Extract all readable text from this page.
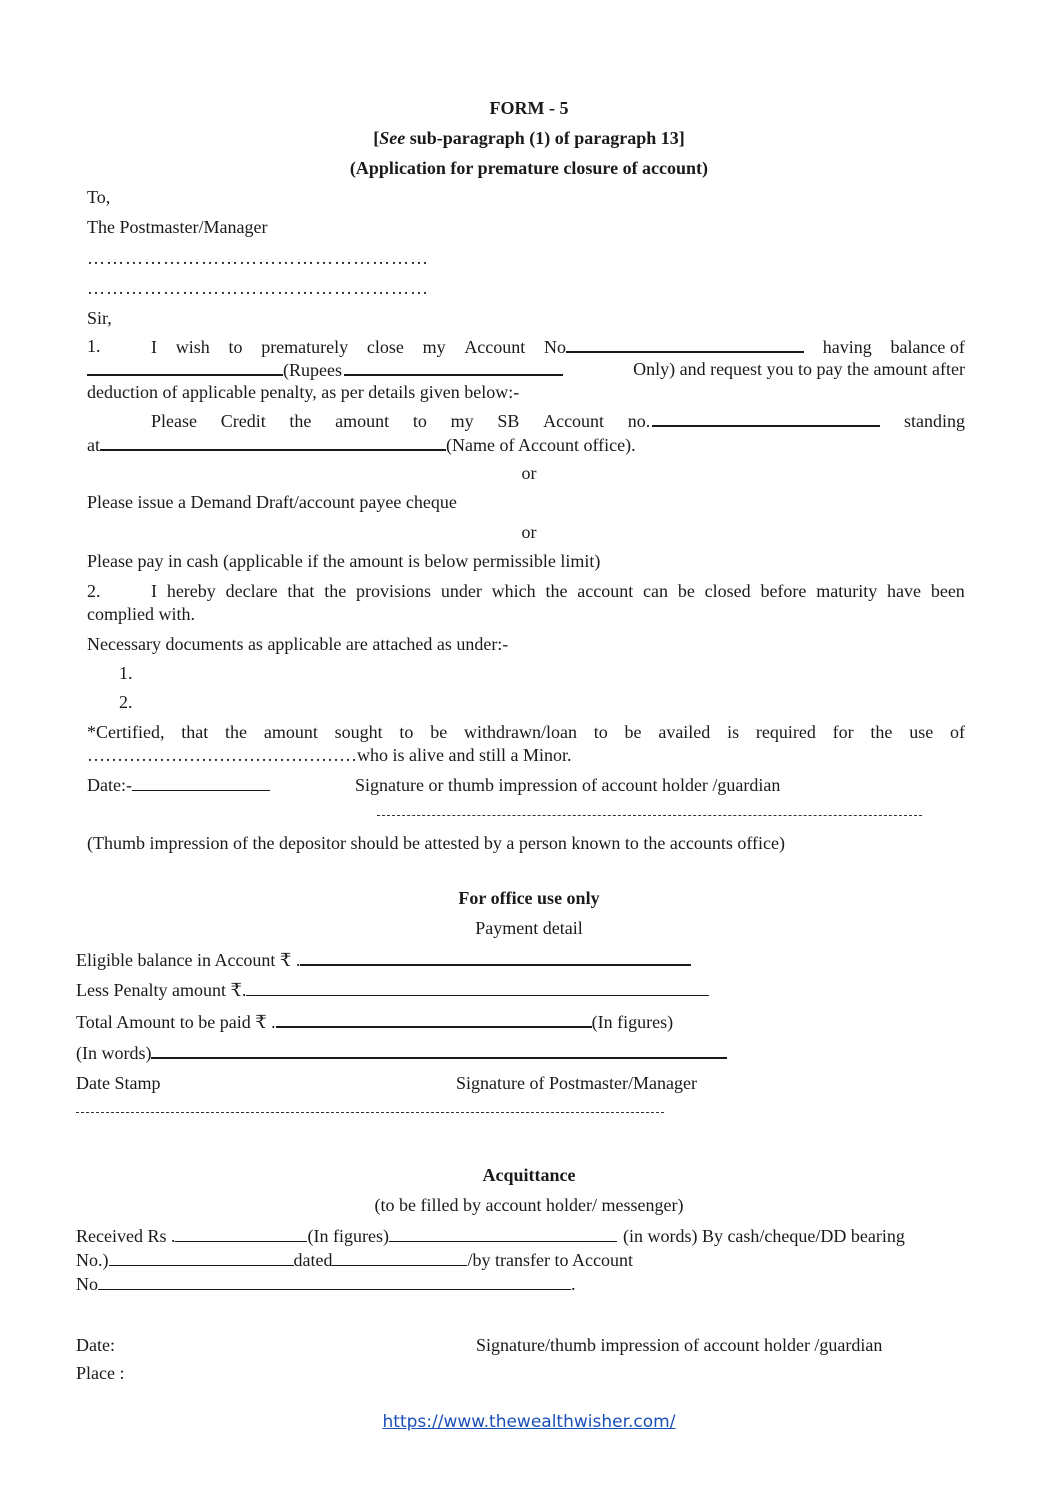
FORM - 5
[See sub-paragraph (1) of paragraph 13]
(Application for premature closure of account)
To,
The Postmaster/Manager
………………………………………………
………………………………………………
Sir,
1.	I wish to prematurely close my Account No	having balance of
(Rupees	Only) and request you to pay the amount after
deduction of applicable penalty, as per details given below:-
Please Credit the amount to my SB Account no.	standing
at	(Name of Account office).
or
Please issue a Demand Draft/account payee cheque
or
Please pay in cash (applicable if the amount is below permissible limit)
2.	I hereby declare that the provisions under which the account can be closed before maturity have been
complied with.
Necessary documents as applicable are attached as under:-
1.
2.
*Certified, that the amount sought to be withdrawn/loan to be availed is required for the use of
………………………………………who is alive and still a Minor.
Date:-	Signature or thumb impression of account holder /guardian
(Thumb impression of the depositor should be attested by a person known to the accounts office)
For office use only
Payment detail
Eligible balance in Account ₹ .
Less Penalty amount ₹.
Total Amount to be paid ₹ .	(In figures)
(In words)
Date Stamp	Signature of Postmaster/Manager
Acquittance
(to be filled by account holder/ messenger)
Received Rs .	(In figures)	(in words) By cash/cheque/DD bearing
No.)	dated	/by transfer to Account
No	.
Date:	Signature/thumb impression of account holder /guardian
Place :
https://www.thewealthwisher.com/
